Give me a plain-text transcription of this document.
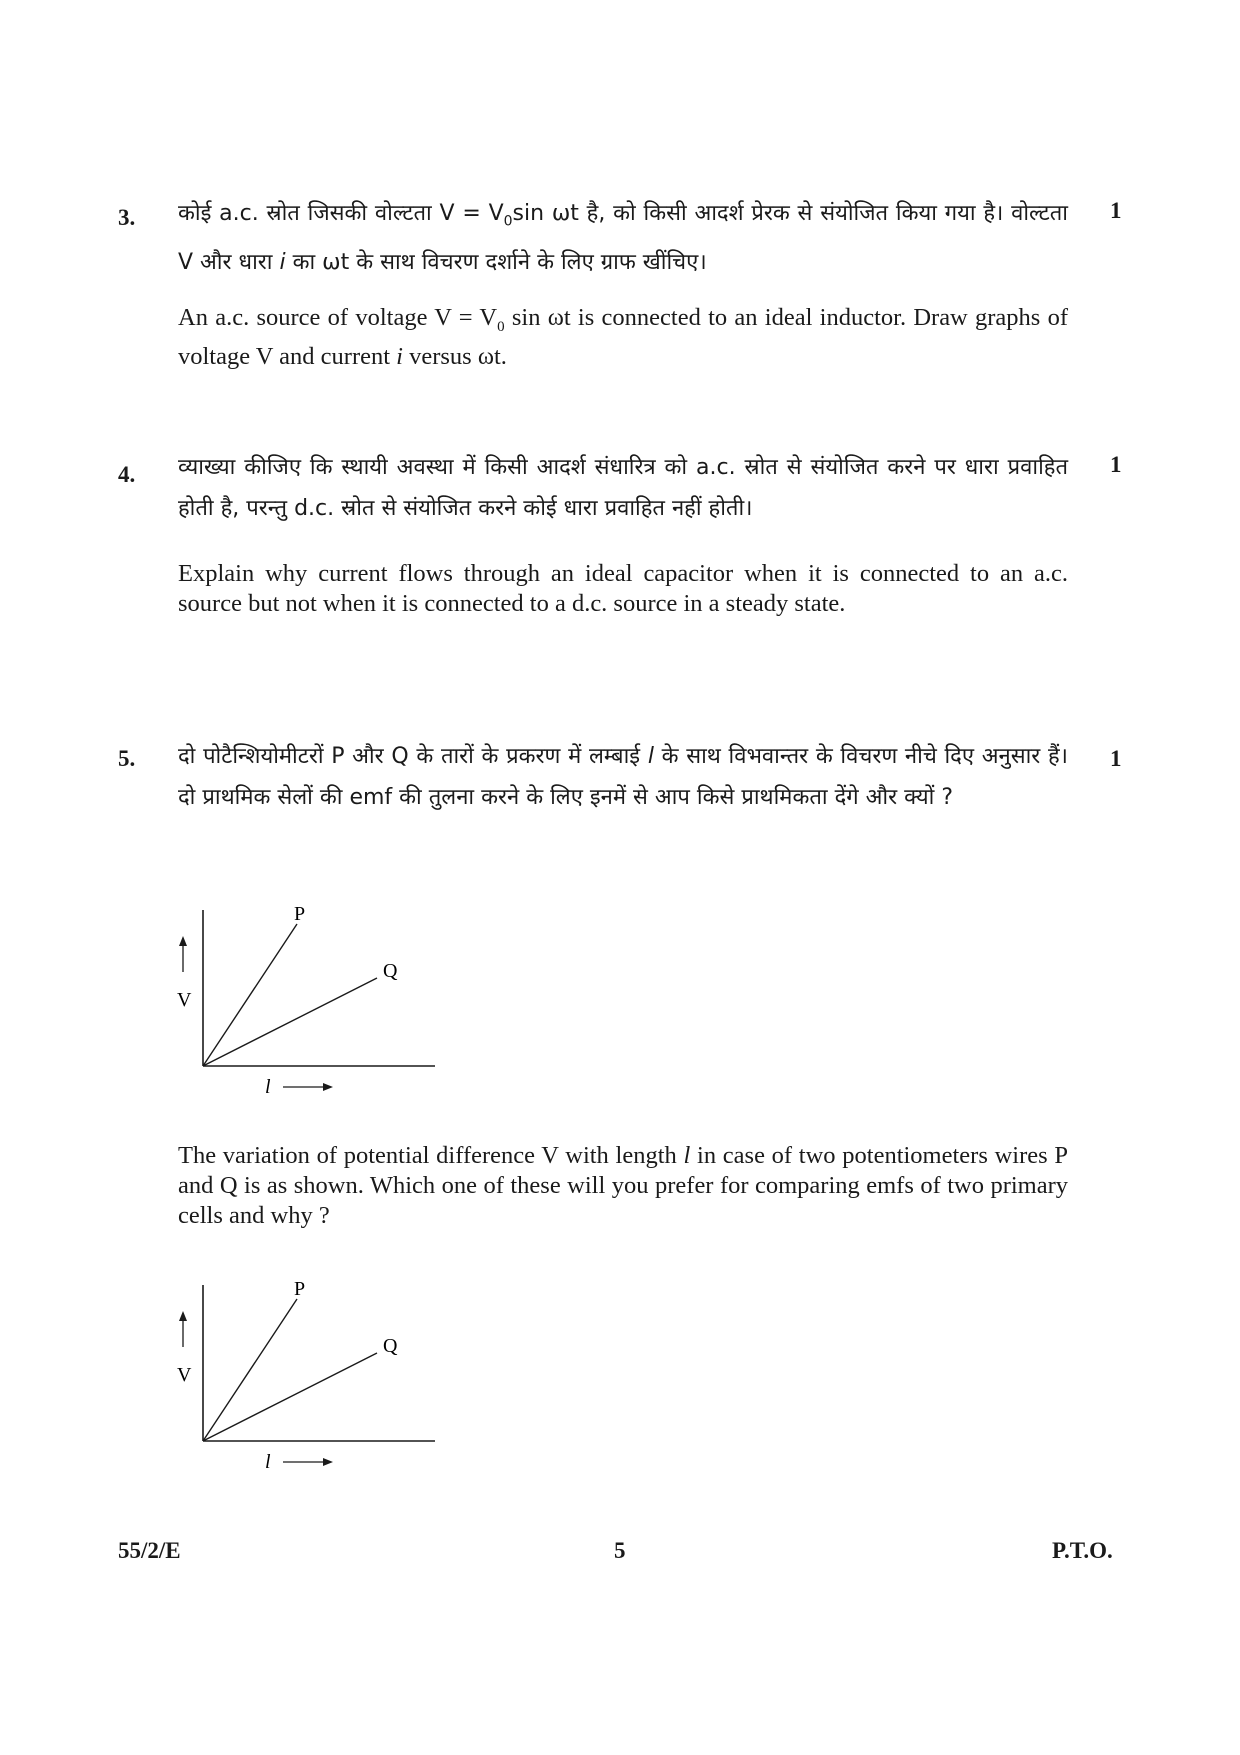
3.	1
कोई a.c. स्रोत जिसकी वोल्टता $V = V_0\sin$ ωt है, को किसी आदर्श प्रेरक से संयोजित किया गया है। वोल्टता V और धारा i का ωt के साथ विचरण दर्शाने के लिए ग्राफ खींचिए।
An a.c. source of voltage $V = V_0$ sin ωt is connected to an ideal inductor. Draw graphs of voltage V and current i versus ωt.
4.	1
व्याख्या कीजिए कि स्थायी अवस्था में किसी आदर्श संधारित्र को a.c. स्रोत से संयोजित करने पर धारा प्रवाहित होती है, परन्तु d.c. स्रोत से संयोजित करने कोई धारा प्रवाहित नहीं होती।
Explain why current flows through an ideal capacitor when it is connected to an a.c. source but not when it is connected to a d.c. source in a steady state.
5.	1
दो पोटैन्शियोमीटरों P और Q के तारों के प्रकरण में लम्बाई l के साथ विभवान्तर के विचरण नीचे दिए अनुसार हैं। दो प्राथमिक सेलों की emf की तुलना करने के लिए इनमें से आप किसे प्राथमिकता देंगे और क्यों ?
The variation of potential difference V with length l in case of two potentiometers wires P and Q is as shown. Which one of these will you prefer for comparing emfs of two primary cells and why ?
P
Q
V
l
P
Q
V
l
55/2/E	5	P.T.O.
